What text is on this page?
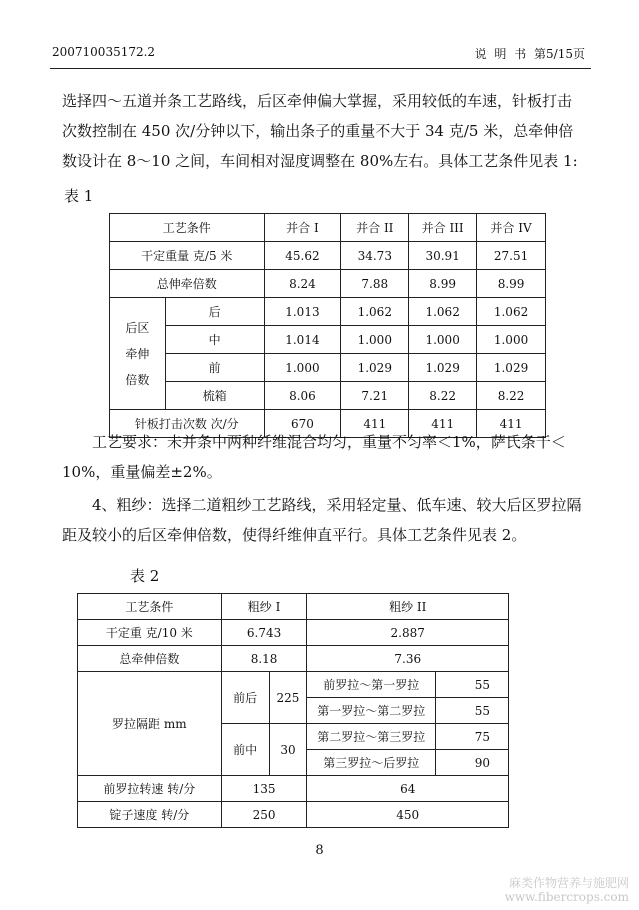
200710035172.2	说 明 书 第5/15页
选择四～五道并条工艺路线，后区牵伸偏大掌握，采用较低的车速，针板打击次数控制在 450 次/分钟以下，输出条子的重量不大于 34 克/5 米，总牵伸倍数设计在 8～10 之间，车间相对湿度调整在 80%左右。具体工艺条件见表 1:
表 1
工艺条件		并合 I	并合 II	并合 III	并合 IV
干定重量 克/5 米		45.62	34.73	30.91	27.51
总伸牵倍数		8.24	7.88	8.99	8.99
后区
牵伸
倍数	后	1.013	1.062	1.062	1.062
	中	1.014	1.000	1.000	1.000
	前	1.000	1.029	1.029	1.029
	梳箱	8.06	7.21	8.22	8.22
针板打击次数 次/分		670	411	411	411
工艺要求：未并条中两种纤维混合均匀，重量不匀率＜1%，萨氏条干＜10%，重量偏差±2%。
4、粗纱：选择二道粗纱工艺路线，采用轻定量、低车速、较大后区罗拉隔距及较小的后区牵伸倍数，使得纤维伸直平行。具体工艺条件见表 2。
表 2
工艺条件	粗纱 I		粗纱 II	
干定重 克/10 米	6.743		2.887	
总牵伸倍数	8.18		7.36	
罗拉隔距 mm	前后	225	前罗拉～第一罗拉	55
			第一罗拉～第二罗拉	55
	前中	30	第二罗拉～第三罗拉	75
			第三罗拉～后罗拉	90
前罗拉转速 转/分	135		64	
锭子速度 转/分	250		450	
8
麻类作物营养与施肥网
www.fibercrops.com
